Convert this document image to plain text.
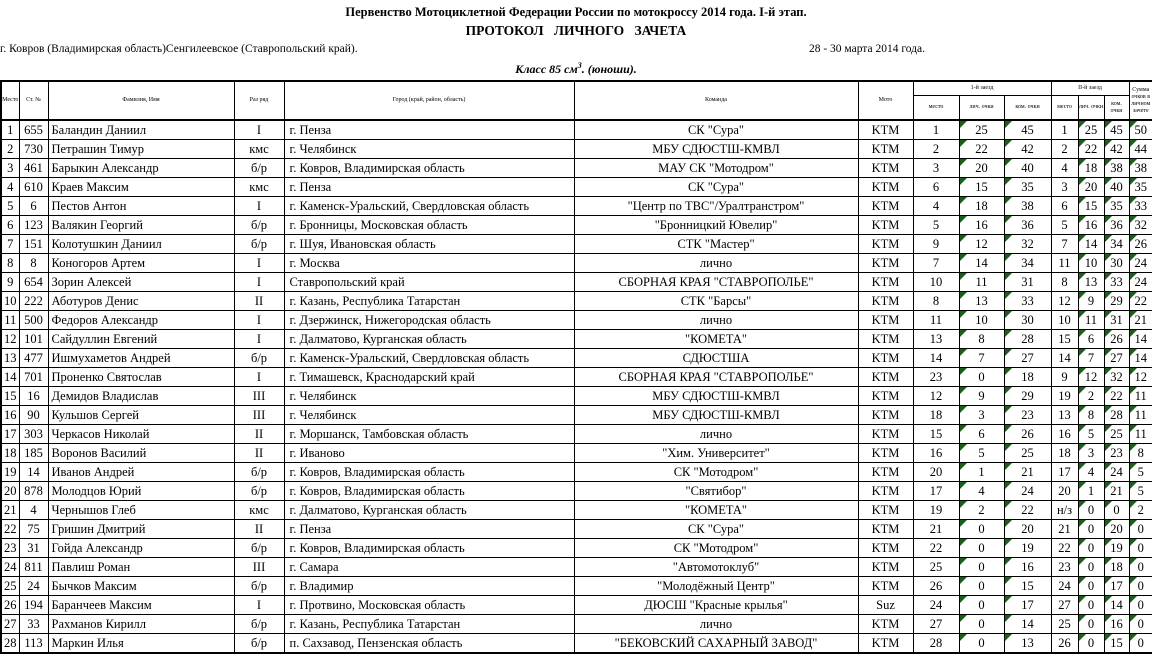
Первенство Мотоциклетной Федерации России по мотокроссу 2014 года. I-й этап.
ПРОТОКОЛ ЛИЧНОГО ЗАЧЕТА
г. Ковров (Владимирская область)Сенгилеевское (Ставропольский край).	28 - 30 марта 2014 года.
Класс 85 $см^3$. (юноши).
Место	Ст. №	Фамилия, Имя	Раз ряд	Город (край, район, область)	Команда	Мото	1-й заезд			II-й заезд			Сумма очков в личном зачете
							место	лич. очки	ком. очки	место	лич. очки	ком. очки	
1	655	Баландин Даниил	I	г. Пенза	СК "Сура"	KTM	1	25	45	1	25	45	50
2	730	Петрашин Тимур	кмс	г. Челябинск	МБУ СДЮСТШ-КМВЛ	KTM	2	22	42	2	22	42	44
3	461	Барыкин Александр	б/р	г. Ковров, Владимирская область	МАУ СК "Мотодром"	KTM	3	20	40	4	18	38	38
4	610	Краев Максим	кмс	г. Пенза	СК "Сура"	KTM	6	15	35	3	20	40	35
5	6	Пестов Антон	I	г. Каменск-Уральский, Свердловская область	"Центр по ТВС"/Уралтранстром"	KTM	4	18	38	6	15	35	33
6	123	Валякин Георгий	б/р	г. Бронницы, Московская область	"Бронницкий Ювелир"	KTM	5	16	36	5	16	36	32
7	151	Колотушкин Даниил	б/р	г. Шуя, Ивановская область	СТК "Мастер"	KTM	9	12	32	7	14	34	26
8	8	Коногоров Артем	I	г. Москва	лично	KTM	7	14	34	11	10	30	24
9	654	Зорин Алексей	I	Ставропольский край	СБОРНАЯ КРАЯ "СТАВРОПОЛЬЕ"	KTM	10	11	31	8	13	33	24
10	222	Аботуров Денис	II	г. Казань, Республика Татарстан	СТК "Барсы"	KTM	8	13	33	12	9	29	22
11	500	Федоров Александр	I	г. Дзержинск, Нижегородская область	лично	KTM	11	10	30	10	11	31	21
12	101	Сайдуллин Евгений	I	г. Далматово, Курганская область	"КОМЕТА"	KTM	13	8	28	15	6	26	14
13	477	Ишмухаметов Андрей	б/р	г. Каменск-Уральский, Свердловская область	СДЮСТША	KTM	14	7	27	14	7	27	14
14	701	Проненко Святослав	I	г. Тимашевск, Краснодарский край	СБОРНАЯ КРАЯ "СТАВРОПОЛЬЕ"	KTM	23	0	18	9	12	32	12
15	16	Демидов Владислав	III	г. Челябинск	МБУ СДЮСТШ-КМВЛ	KTM	12	9	29	19	2	22	11
16	90	Кульшов Сергей	III	г. Челябинск	МБУ СДЮСТШ-КМВЛ	KTM	18	3	23	13	8	28	11
17	303	Черкасов Николай	II	г. Моршанск, Тамбовская область	лично	KTM	15	6	26	16	5	25	11
18	185	Воронов Василий	II	г. Иваново	"Хим. Университет"	KTM	16	5	25	18	3	23	8
19	14	Иванов Андрей	б/р	г. Ковров, Владимирская область	СК "Мотодром"	KTM	20	1	21	17	4	24	5
20	878	Молодцов Юрий	б/р	г. Ковров, Владимирская область	"Святибор"	KTM	17	4	24	20	1	21	5
21	4	Чернышов Глеб	кмс	г. Далматово, Курганская область	"КОМЕТА"	KTM	19	2	22	н/з	0	0	2
22	75	Гришин Дмитрий	II	г. Пенза	СК "Сура"	KTM	21	0	20	21	0	20	0
23	31	Гойда Александр	б/р	г. Ковров, Владимирская область	СК "Мотодром"	KTM	22	0	19	22	0	19	0
24	811	Павлиш Роман	III	г. Самара	"Автомотоклуб"	KTM	25	0	16	23	0	18	0
25	24	Бычков Максим	б/р	г. Владимир	"Молодёжный Центр"	KTM	26	0	15	24	0	17	0
26	194	Баранчеев Максим	I	г. Протвино, Московская область	ДЮСШ "Красные крылья"	Suz	24	0	17	27	0	14	0
27	33	Рахманов Кирилл	б/р	г. Казань, Республика Татарстан	лично	KTM	27	0	14	25	0	16	0
28	113	Маркин Илья	б/р	п. Сахзавод, Пензенская область	"БЕКОВСКИЙ САХАРНЫЙ ЗАВОД"	KTM	28	0	13	26	0	15	0
